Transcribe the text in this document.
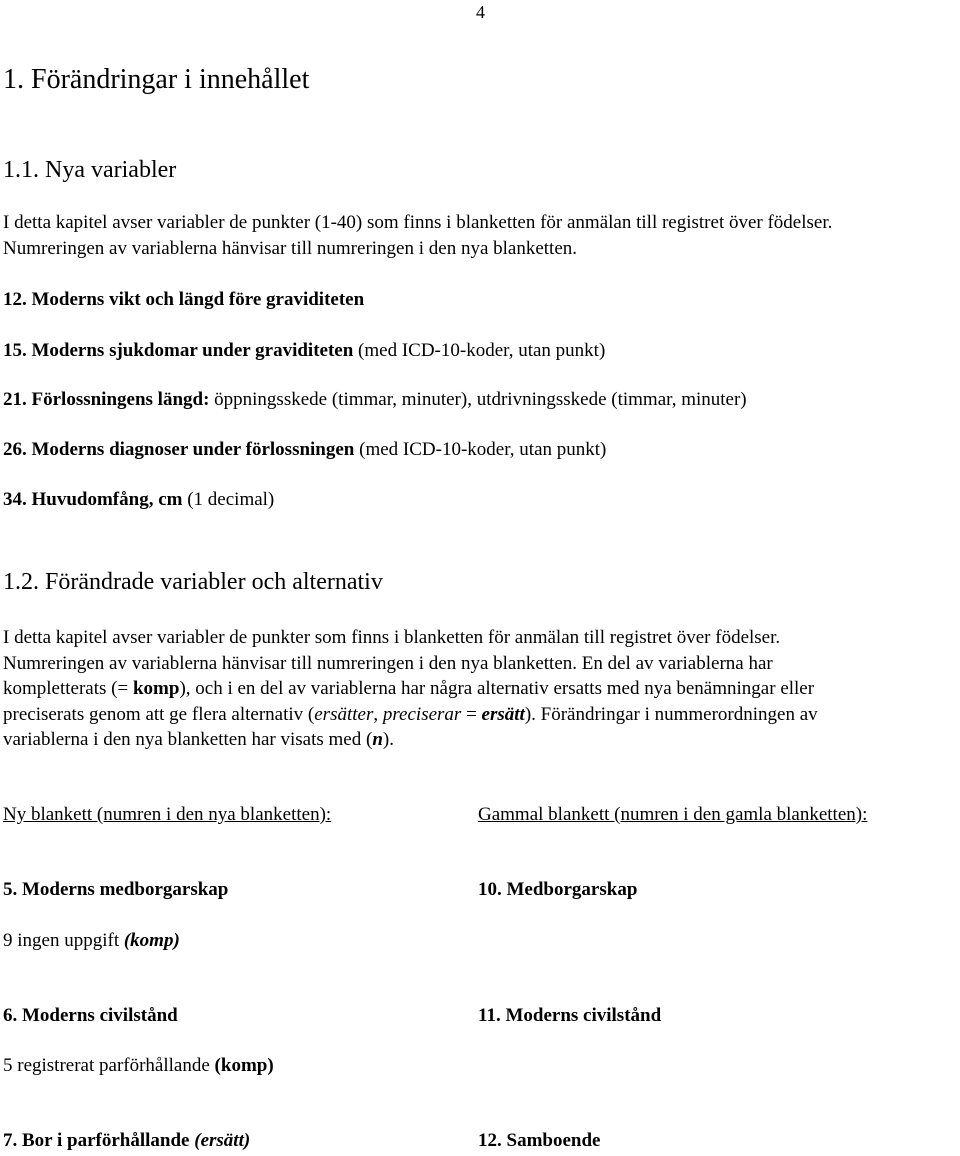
4
1. Förändringar i innehållet
1.1. Nya variabler

I detta kapitel avser variabler de punkter (1-40) som finns i blanketten för anmälan till registret över födelser.

Numreringen av variablerna hänvisar till numreringen i den nya blanketten.

12. Moderns vikt och längd före graviditeten
15. Moderns sjukdomar under graviditeten (med ICD-10-koder, utan punkt)
21. Förlossningens längd: öppningsskede (timmar, minuter), utdrivningsskede (timmar, minuter)
26. Moderns diagnoser under förlossningen (med ICD-10-koder, utan punkt)
34. Huvudomfång, cm (1 decimal)
1.2. Förändrade variabler och alternativ

I detta kapitel avser variabler de punkter som finns i blanketten för anmälan till registret över födelser.

Numreringen av variablerna hänvisar till numreringen i den nya blanketten. En del av variablerna har

kompletterats (= komp), och i en del av variablerna har några alternativ ersatts med nya benämningar eller

preciserats genom att ge flera alternativ (ersätter, preciserar = ersätt). Förändringar i nummerordningen av

variablerna i den nya blanketten har visats med (n).

Ny blankett (numren i den nya blanketten):	Gammal blankett (numren i den gamla blanketten):
5. Moderns medborgarskap	10. Medborgarskap
9 ingen uppgift (komp)
6. Moderns civilstånd	11. Moderns civilstånd
5 registrerat parförhållande (komp)
7. Bor i parförhållande (ersätt)	12. Samboende
